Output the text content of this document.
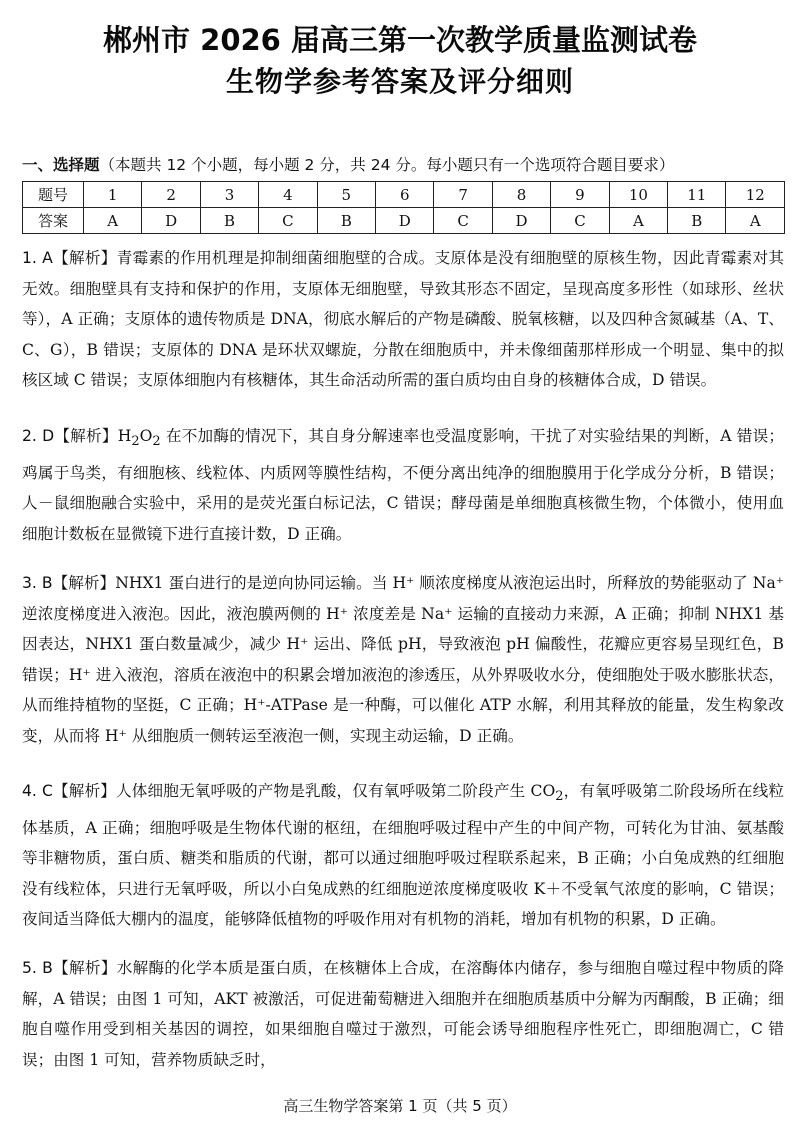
郴州市 2026 届高三第一次教学质量监测试卷
生物学参考答案及评分细则
一、选择题（本题共 12 个小题，每小题 2 分，共 24 分。每小题只有一个选项符合题目要求）
题号	1	2	3	4	5	6	7	8	9	10	11	12
答案	A	D	B	C	B	D	C	D	C	A	B	A

1. A【解析】青霉素的作用机理是抑制细菌细胞壁的合成。支原体是没有细胞壁的原核生物，因此青霉素对其无效。细胞壁具有支持和保护的作用，支原体无细胞壁，导致其形态不固定，呈现高度多形性（如球形、丝状等），A 正确；支原体的遗传物质是 DNA，彻底水解后的产物是磷酸、脱氧核糖，以及四种含氮碱基（A、T、C、G），B 错误；支原体的 DNA 是环状双螺旋，分散在细胞质中，并未像细菌那样形成一个明显、集中的拟核区域 C 错误；支原体细胞内有核糖体，其生命活动所需的蛋白质均由自身的核糖体合成，D 错误。

2. D【解析】$H_2O_2$ 在不加酶的情况下，其自身分解速率也受温度影响，干扰了对实验结果的判断，A 错误；鸡属于鸟类，有细胞核、线粒体、内质网等膜性结构，不便分离出纯净的细胞膜用于化学成分分析，B 错误；人－鼠细胞融合实验中，采用的是荧光蛋白标记法，C 错误；酵母菌是单细胞真核微生物，个体微小，使用血细胞计数板在显微镜下进行直接计数，D 正确。

3. B【解析】NHX1 蛋白进行的是逆向协同运输。当 H⁺ 顺浓度梯度从液泡运出时，所释放的势能驱动了 Na⁺ 逆浓度梯度进入液泡。因此，液泡膜两侧的 H⁺ 浓度差是 Na⁺ 运输的直接动力来源，A 正确；抑制 NHX1 基因表达，NHX1 蛋白数量减少，减少 H⁺ 运出、降低 pH，导致液泡 pH 偏酸性，花瓣应更容易呈现红色，B 错误；H⁺ 进入液泡，溶质在液泡中的积累会增加液泡的渗透压，从外界吸收水分，使细胞处于吸水膨胀状态，从而维持植物的坚挺，C 正确；H⁺-ATPase 是一种酶，可以催化 ATP 水解，利用其释放的能量，发生构象改变，从而将 H⁺ 从细胞质一侧转运至液泡一侧，实现主动运输，D 正确。

4. C【解析】人体细胞无氧呼吸的产物是乳酸，仅有氧呼吸第二阶段产生 $CO_2$，有氧呼吸第二阶段场所在线粒体基质，A 正确；细胞呼吸是生物体代谢的枢纽，在细胞呼吸过程中产生的中间产物，可转化为甘油、氨基酸等非糖物质，蛋白质、糖类和脂质的代谢，都可以通过细胞呼吸过程联系起来，B 正确；小白兔成熟的红细胞没有线粒体，只进行无氧呼吸，所以小白兔成熟的红细胞逆浓度梯度吸收 K＋不受氧气浓度的影响，C 错误；夜间适当降低大棚内的温度，能够降低植物的呼吸作用对有机物的消耗，增加有机物的积累，D 正确。

5. B【解析】水解酶的化学本质是蛋白质，在核糖体上合成，在溶酶体内储存，参与细胞自噬过程中物质的降解，A 错误；由图 1 可知，AKT 被激活，可促进葡萄糖进入细胞并在细胞质基质中分解为丙酮酸，B 正确；细胞自噬作用受到相关基因的调控，如果细胞自噬过于激烈，可能会诱导细胞程序性死亡，即细胞凋亡，C 错误；由图 1 可知，营养物质缺乏时，

高三生物学答案第 1 页（共 5 页）
